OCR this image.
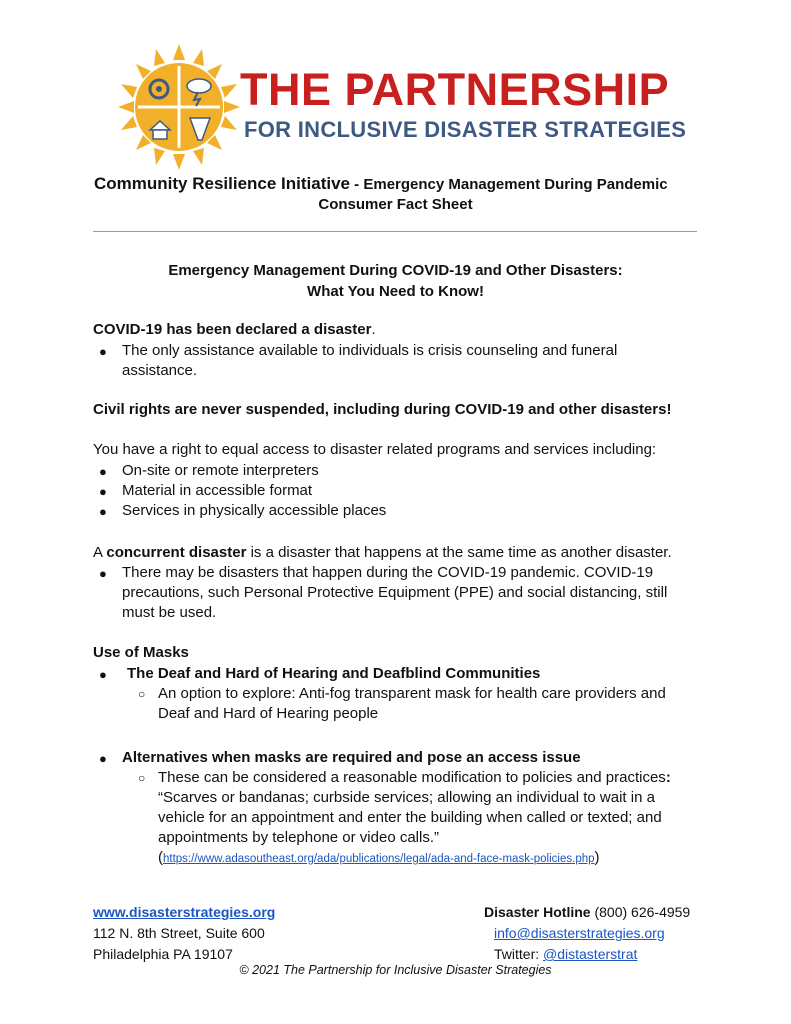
THE PARTNERSHIP
FOR INCLUSIVE DISASTER STRATEGIES
Community Resilience Initiative - Emergency Management During Pandemic
Consumer Fact Sheet
Emergency Management During COVID-19 and Other Disasters:
What You Need to Know!
COVID-19 has been declared a disaster.
● The only assistance available to individuals is crisis counseling and funeral
assistance.
Civil rights are never suspended, including during COVID-19 and other disasters!
You have a right to equal access to disaster related programs and services including:
● On-site or remote interpreters
● Material in accessible format
● Services in physically accessible places
A concurrent disaster is a disaster that happens at the same time as another disaster.
● There may be disasters that happen during the COVID-19 pandemic. COVID-19
precautions, such Personal Protective Equipment (PPE) and social distancing, still
must be used.
Use of Masks
● The Deaf and Hard of Hearing and Deafblind Communities
○ An option to explore: Anti-fog transparent mask for health care providers and
Deaf and Hard of Hearing people
● Alternatives when masks are required and pose an access issue
○ These can be considered a reasonable modification to policies and practices:
“Scarves or bandanas; curbside services; allowing an individual to wait in a
vehicle for an appointment and enter the building when called or texted; and
appointments by telephone or video calls.”
(https://www.adasoutheast.org/ada/publications/legal/ada-and-face-mask-policies.php)
www.disasterstrategies.org
112 N. 8th Street, Suite 600
Philadelphia PA 19107
Disaster Hotline (800) 626-4959
info@disasterstrategies.org
Twitter: @distasterstrat
© 2021 The Partnership for Inclusive Disaster Strategies
